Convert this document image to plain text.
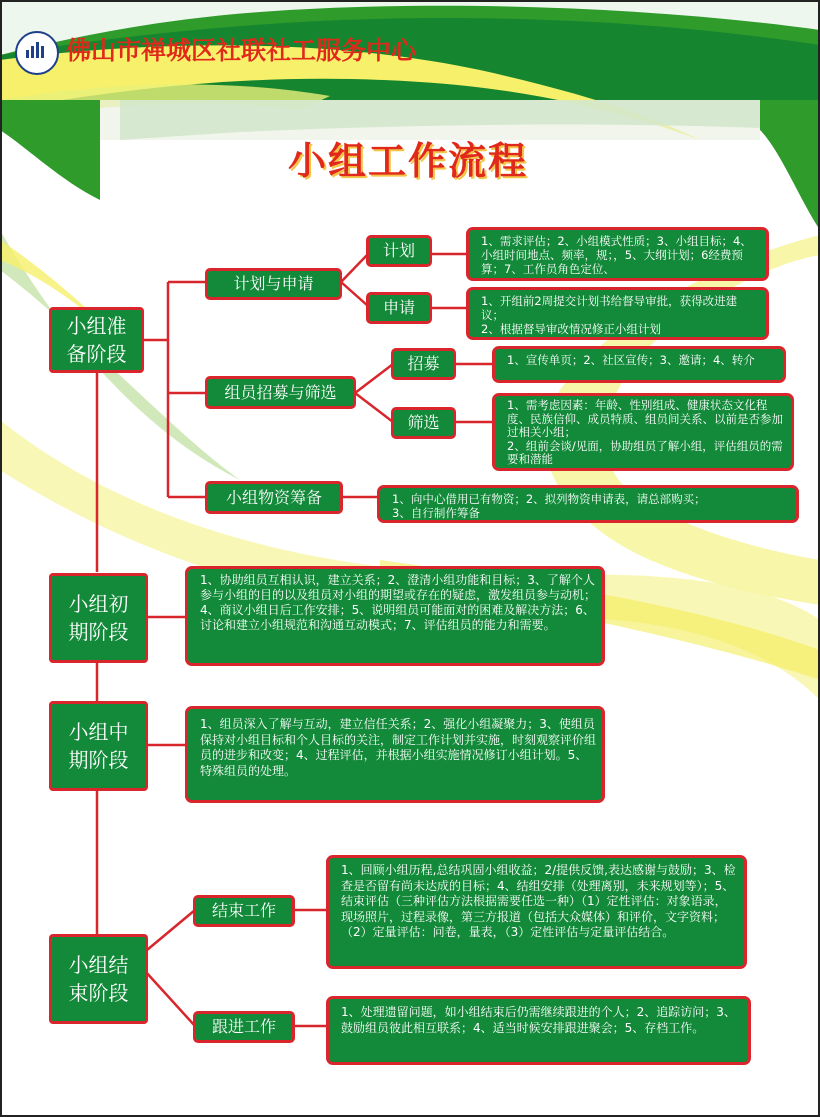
佛山市禅城区社联社工服务中心
小组工作流程
小组准备阶段
计划与申请
计划	1、需求评估；2、小组模式性质；3、小组目标；4、小组时间地点、频率，规；，5、大纲计划；6经费预算；7、工作员角色定位、
申请	1、开组前2周提交计划书给督导审批，获得改进建议；
2、根据督导审改情况修正小组计划
组员招募与筛选
招募	1、宣传单页；2、社区宣传；3、邀请；4、转介
筛选
1、需考虑因素：年龄、性别组成、健康状态文化程度、民族信仰、成员特质、组员间关系、以前是否参加过相关小组；
2、组前会谈/见面，协助组员了解小组，评估组员的需要和潜能
小组物资筹备	1、向中心借用已有物资；2、拟列物资申请表，请总部购买；
3、自行制作筹备
小组初期阶段
1、协助组员互相认识，建立关系；2、澄清小组功能和目标；3、了解个人参与小组的目的以及组员对小组的期望或存在的疑虑，激发组员参与动机；4、商议小组日后工作安排；5、说明组员可能面对的困难及解决方法；6、讨论和建立小组规范和沟通互动模式；7、评估组员的能力和需要。
小组中期阶段
1、组员深入了解与互动，建立信任关系；2、强化小组凝聚力；3、使组员保持对小组目标和个人目标的关注，制定工作计划并实施，时刻观察评价组员的进步和改变；4、过程评估，并根据小组实施情况修订小组计划。5、特殊组员的处理。
小组结束阶段
结束工作
1、回顾小组历程,总结巩固小组收益；2/提供反馈,表达感谢与鼓励；3、检查是否留有尚未达成的目标；4、结组安排（处理离别，未来规划等）；5、结束评估（三种评估方法根据需要任选一种）（1）定性评估：对象语录，现场照片，过程录像，第三方报道（包括大众媒体）和评价，文字资料；（2）定量评估：问卷，量表，（3）定性评估与定量评估结合。
跟进工作
1、处理遗留问题，如小组结束后仍需继续跟进的个人；2、追踪访问；3、鼓励组员彼此相互联系；4、适当时候安排跟进聚会；5、存档工作。
